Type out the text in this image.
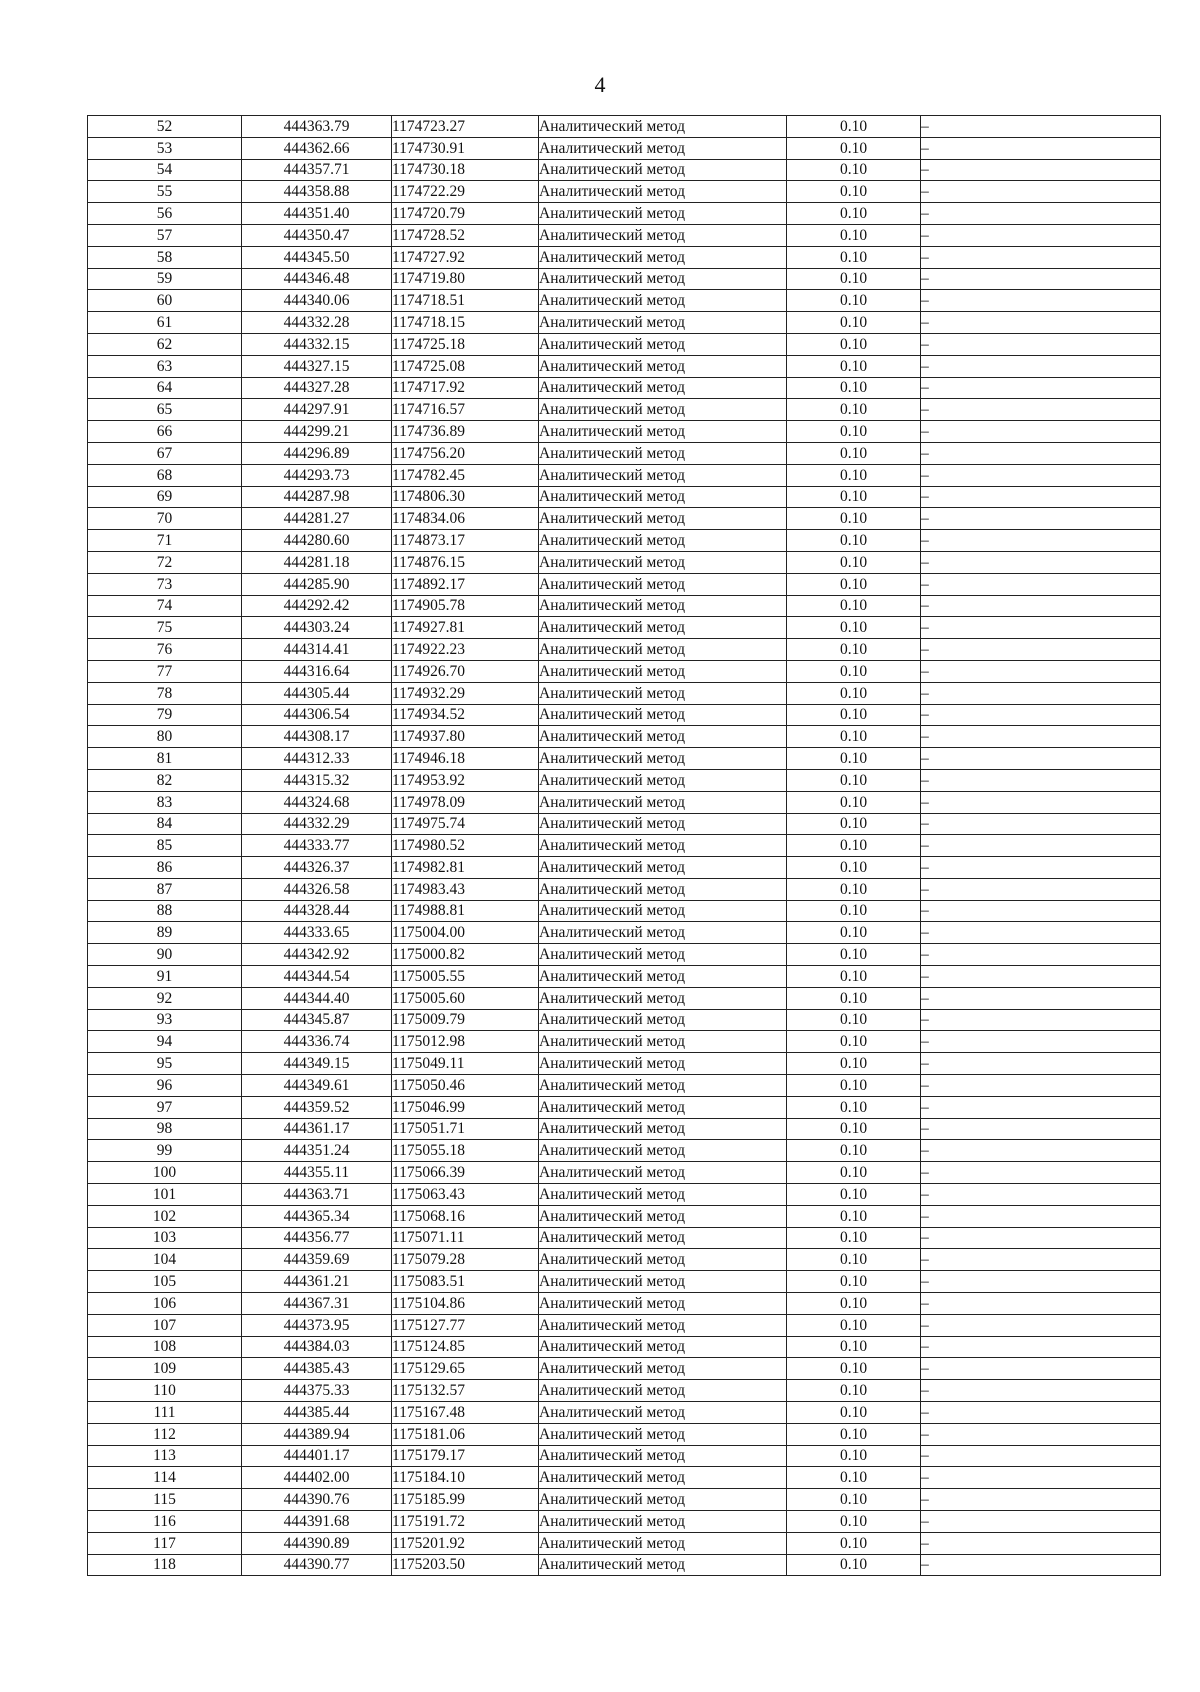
4
52	444363.79	1174723.27	Аналитический метод	0.10	–
53	444362.66	1174730.91	Аналитический метод	0.10	–
54	444357.71	1174730.18	Аналитический метод	0.10	–
55	444358.88	1174722.29	Аналитический метод	0.10	–
56	444351.40	1174720.79	Аналитический метод	0.10	–
57	444350.47	1174728.52	Аналитический метод	0.10	–
58	444345.50	1174727.92	Аналитический метод	0.10	–
59	444346.48	1174719.80	Аналитический метод	0.10	–
60	444340.06	1174718.51	Аналитический метод	0.10	–
61	444332.28	1174718.15	Аналитический метод	0.10	–
62	444332.15	1174725.18	Аналитический метод	0.10	–
63	444327.15	1174725.08	Аналитический метод	0.10	–
64	444327.28	1174717.92	Аналитический метод	0.10	–
65	444297.91	1174716.57	Аналитический метод	0.10	–
66	444299.21	1174736.89	Аналитический метод	0.10	–
67	444296.89	1174756.20	Аналитический метод	0.10	–
68	444293.73	1174782.45	Аналитический метод	0.10	–
69	444287.98	1174806.30	Аналитический метод	0.10	–
70	444281.27	1174834.06	Аналитический метод	0.10	–
71	444280.60	1174873.17	Аналитический метод	0.10	–
72	444281.18	1174876.15	Аналитический метод	0.10	–
73	444285.90	1174892.17	Аналитический метод	0.10	–
74	444292.42	1174905.78	Аналитический метод	0.10	–
75	444303.24	1174927.81	Аналитический метод	0.10	–
76	444314.41	1174922.23	Аналитический метод	0.10	–
77	444316.64	1174926.70	Аналитический метод	0.10	–
78	444305.44	1174932.29	Аналитический метод	0.10	–
79	444306.54	1174934.52	Аналитический метод	0.10	–
80	444308.17	1174937.80	Аналитический метод	0.10	–
81	444312.33	1174946.18	Аналитический метод	0.10	–
82	444315.32	1174953.92	Аналитический метод	0.10	–
83	444324.68	1174978.09	Аналитический метод	0.10	–
84	444332.29	1174975.74	Аналитический метод	0.10	–
85	444333.77	1174980.52	Аналитический метод	0.10	–
86	444326.37	1174982.81	Аналитический метод	0.10	–
87	444326.58	1174983.43	Аналитический метод	0.10	–
88	444328.44	1174988.81	Аналитический метод	0.10	–
89	444333.65	1175004.00	Аналитический метод	0.10	–
90	444342.92	1175000.82	Аналитический метод	0.10	–
91	444344.54	1175005.55	Аналитический метод	0.10	–
92	444344.40	1175005.60	Аналитический метод	0.10	–
93	444345.87	1175009.79	Аналитический метод	0.10	–
94	444336.74	1175012.98	Аналитический метод	0.10	–
95	444349.15	1175049.11	Аналитический метод	0.10	–
96	444349.61	1175050.46	Аналитический метод	0.10	–
97	444359.52	1175046.99	Аналитический метод	0.10	–
98	444361.17	1175051.71	Аналитический метод	0.10	–
99	444351.24	1175055.18	Аналитический метод	0.10	–
100	444355.11	1175066.39	Аналитический метод	0.10	–
101	444363.71	1175063.43	Аналитический метод	0.10	–
102	444365.34	1175068.16	Аналитический метод	0.10	–
103	444356.77	1175071.11	Аналитический метод	0.10	–
104	444359.69	1175079.28	Аналитический метод	0.10	–
105	444361.21	1175083.51	Аналитический метод	0.10	–
106	444367.31	1175104.86	Аналитический метод	0.10	–
107	444373.95	1175127.77	Аналитический метод	0.10	–
108	444384.03	1175124.85	Аналитический метод	0.10	–
109	444385.43	1175129.65	Аналитический метод	0.10	–
110	444375.33	1175132.57	Аналитический метод	0.10	–
111	444385.44	1175167.48	Аналитический метод	0.10	–
112	444389.94	1175181.06	Аналитический метод	0.10	–
113	444401.17	1175179.17	Аналитический метод	0.10	–
114	444402.00	1175184.10	Аналитический метод	0.10	–
115	444390.76	1175185.99	Аналитический метод	0.10	–
116	444391.68	1175191.72	Аналитический метод	0.10	–
117	444390.89	1175201.92	Аналитический метод	0.10	–
118	444390.77	1175203.50	Аналитический метод	0.10	–
